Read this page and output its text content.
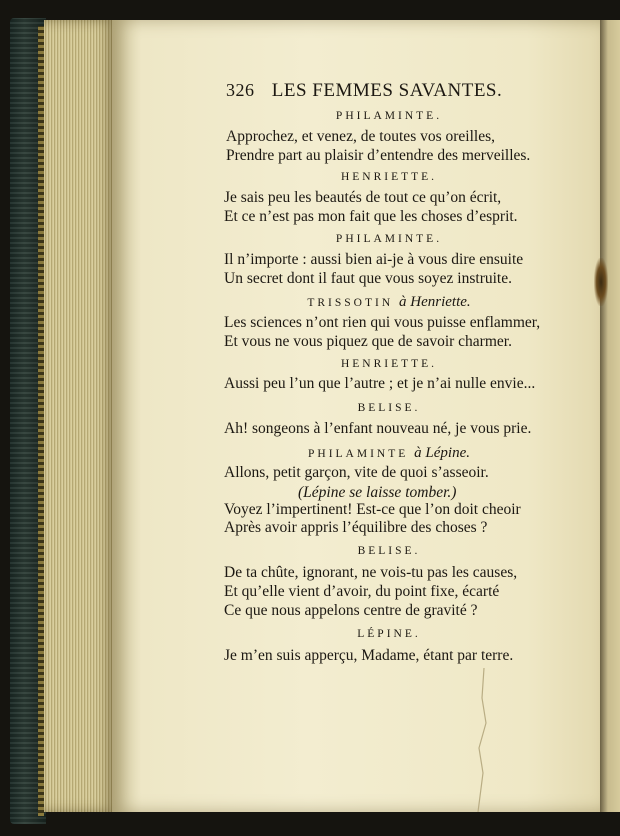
326 LES FEMMES SAVANTES.
PHILAMINTE.
Approchez, et venez, de toutes vos oreilles,
Prendre part au plaisir d’entendre des merveilles.
HENRIETTE.
Je sais peu les beautés de tout ce qu’on écrit,
Et ce n’est pas mon fait que les choses d’esprit.
PHILAMINTE.
Il n’importe : aussi bien ai-je à vous dire ensuite
Un secret dont il faut que vous soyez instruite.
TRISSOTIN à Henriette.
Les sciences n’ont rien qui vous puisse enflammer,
Et vous ne vous piquez que de savoir charmer.
HENRIETTE.
Aussi peu l’un que l’autre ; et je n’ai nulle envie...
BELISE.
Ah! songeons à l’enfant nouveau né, je vous prie.
PHILAMINTE à Lépine.
Allons, petit garçon, vite de quoi s’asseoir.
(Lépine se laisse tomber.)
Voyez l’impertinent! Est-ce que l’on doit cheoir
Après avoir appris l’équilibre des choses ?
BELISE.
De ta chûte, ignorant, ne vois-tu pas les causes,
Et qu’elle vient d’avoir, du point fixe, écarté
Ce que nous appelons centre de gravité ?
LÉPINE.
Je m’en suis apperçu, Madame, étant par terre.
